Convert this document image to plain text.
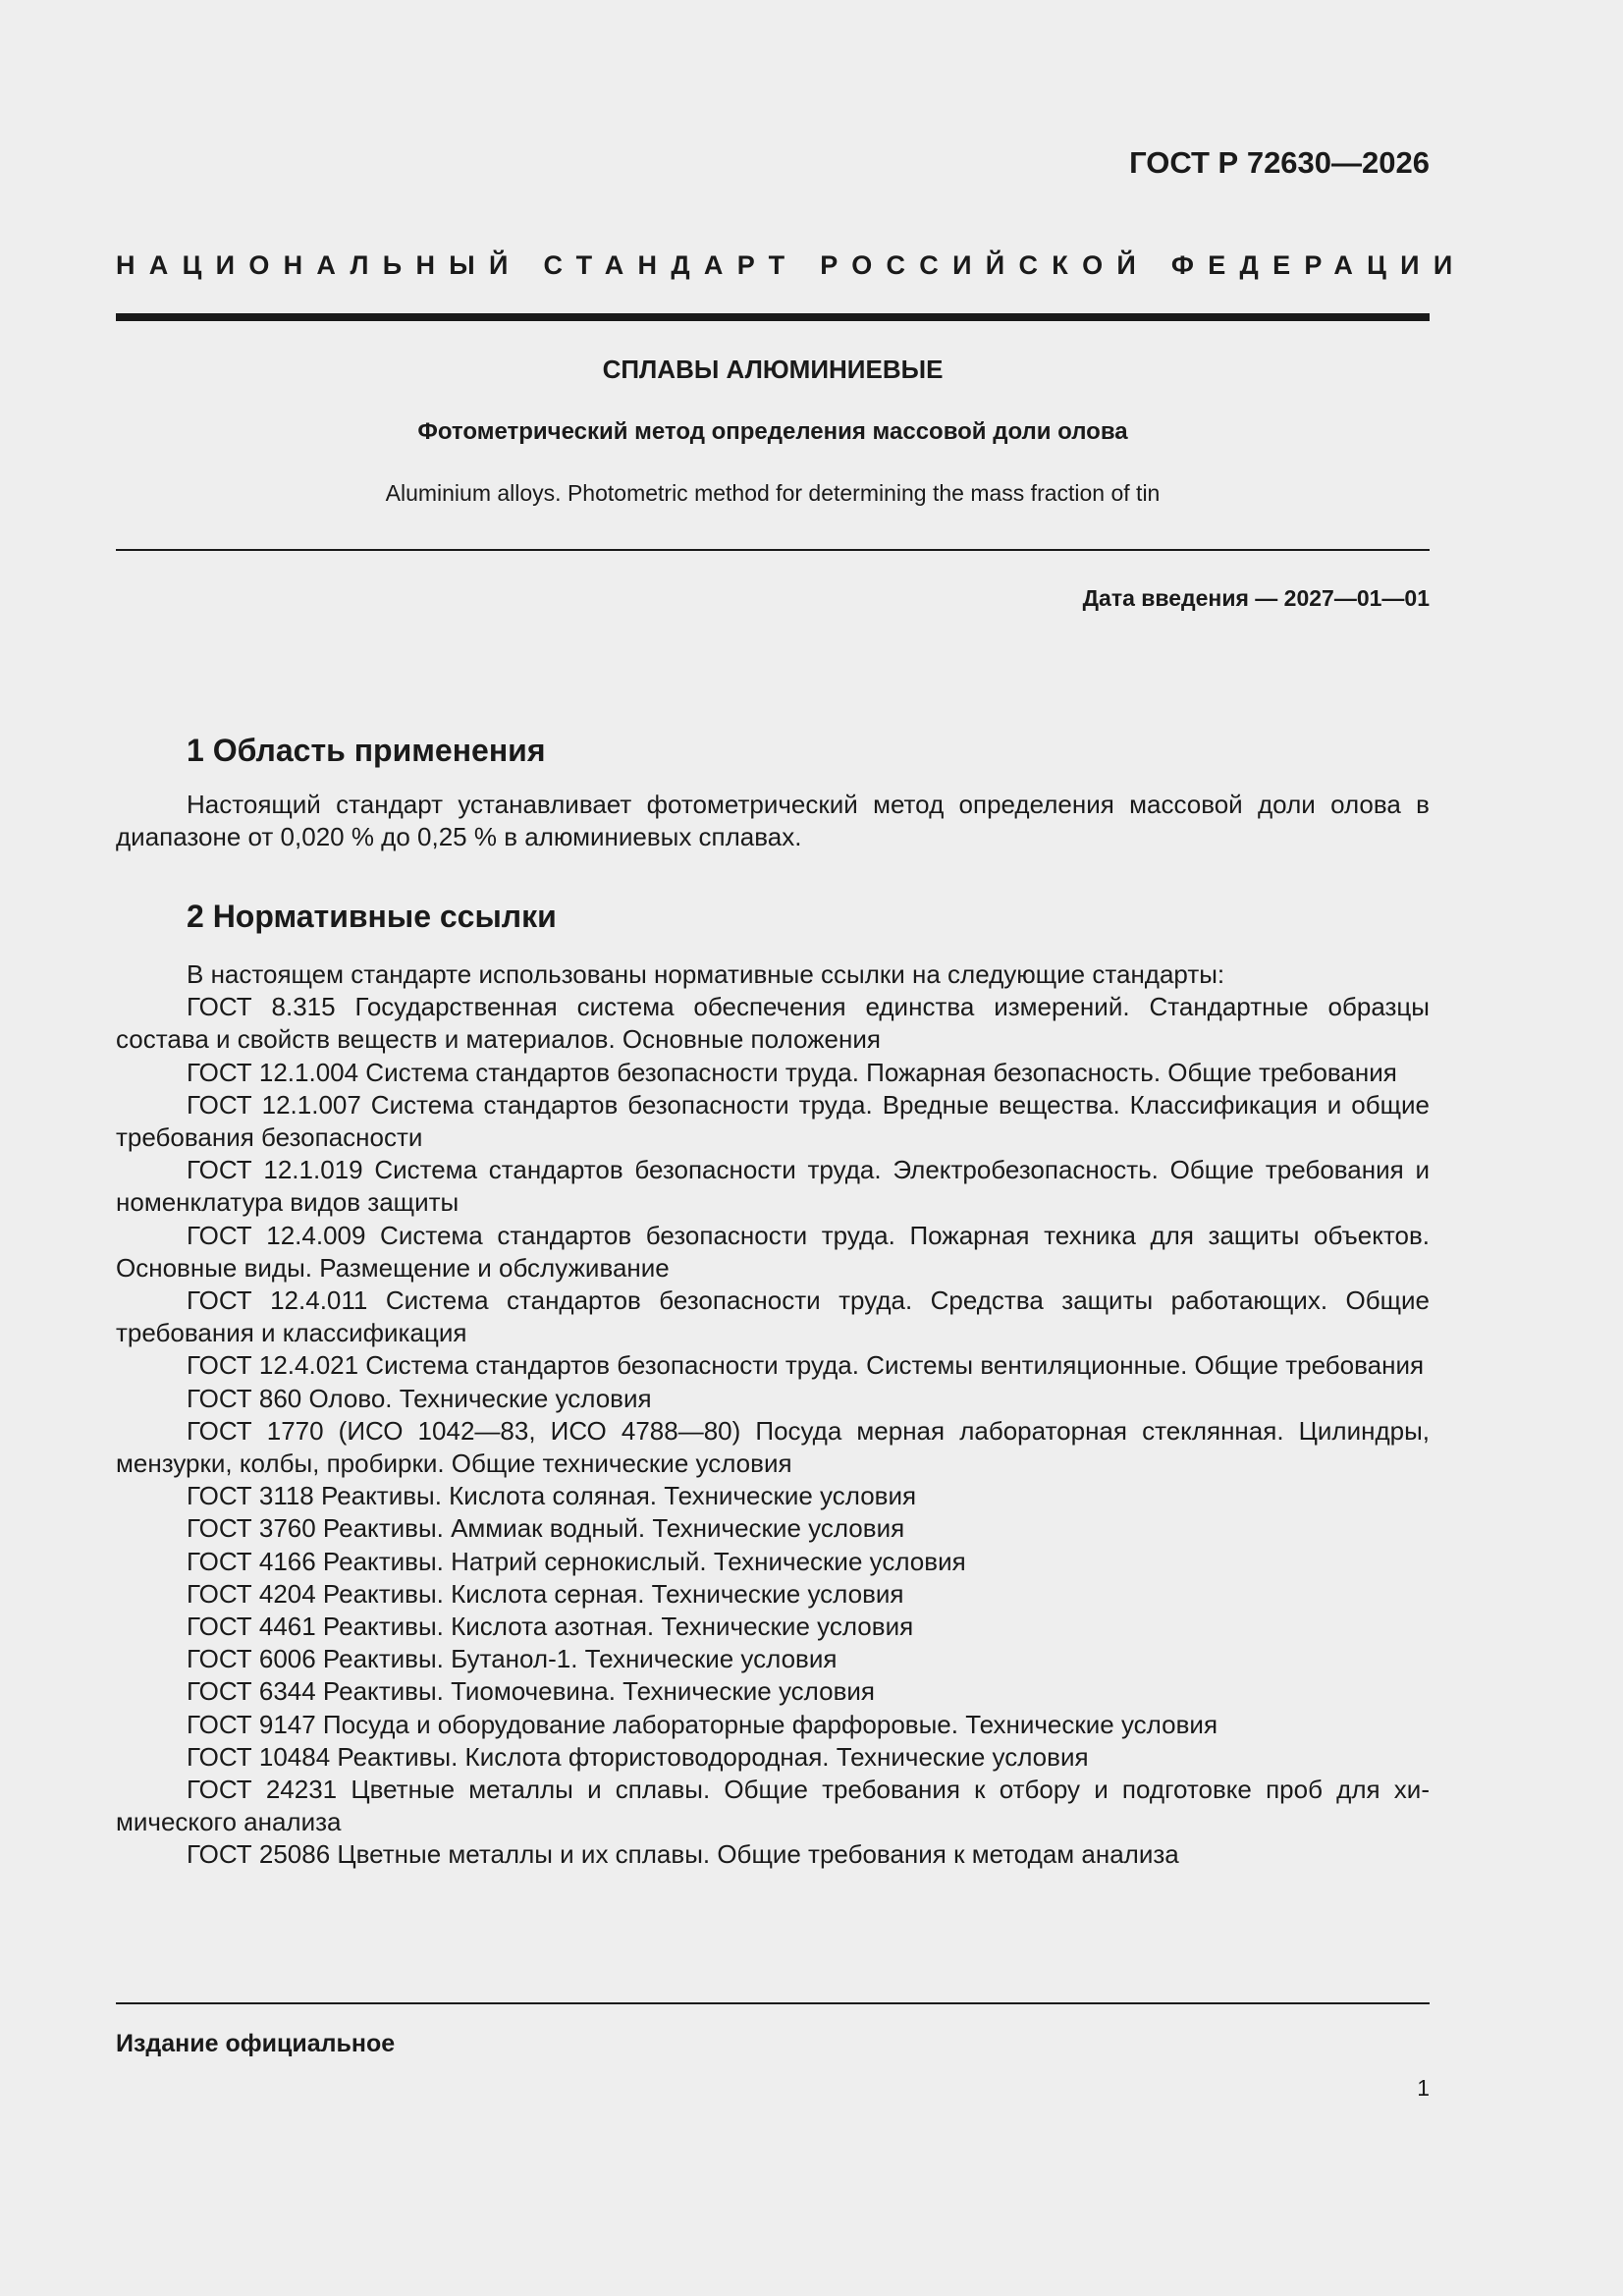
ГОСТ Р 72630—2026
НАЦИОНАЛЬНЫЙ СТАНДАРТ РОССИЙСКОЙ ФЕДЕРАЦИИ
СПЛАВЫ АЛЮМИНИЕВЫЕ
Фотометрический метод определения массовой доли олова
Aluminium alloys. Photometric method for determining the mass fraction of tin
Дата введения — 2027—01—01
1 Область применения

Настоящий стандарт устанавливает фотометрический метод определения массовой доли олова в диапазоне от 0,020 % до 0,25 % в алюминиевых сплавах.

2 Нормативные ссылки

В настоящем стандарте использованы нормативные ссылки на следующие стандарты:

ГОСТ 8.315 Государственная система обеспечения единства измерений. Стандартные образцы состава и свойств веществ и материалов. Основные положения

ГОСТ 12.1.004 Система стандартов безопасности труда. Пожарная безопасность. Общие требования

ГОСТ 12.1.007 Система стандартов безопасности труда. Вредные вещества. Классификация и общие требования безопасности

ГОСТ 12.1.019 Система стандартов безопасности труда. Электробезопасность. Общие требования и номенклатура видов защиты

ГОСТ 12.4.009 Система стандартов безопасности труда. Пожарная техника для защиты объектов. Основные виды. Размещение и обслуживание

ГОСТ 12.4.011 Система стандартов безопасности труда. Средства защиты работающих. Общие требования и классификация

ГОСТ 12.4.021 Система стандартов безопасности труда. Системы вентиляционные. Общие требования

ГОСТ 860 Олово. Технические условия

ГОСТ 1770 (ИСО 1042—83, ИСО 4788—80) Посуда мерная лабораторная стеклянная. Цилиндры, мензурки, колбы, пробирки. Общие технические условия

ГОСТ 3118 Реактивы. Кислота соляная. Технические условия

ГОСТ 3760 Реактивы. Аммиак водный. Технические условия

ГОСТ 4166 Реактивы. Натрий сернокислый. Технические условия

ГОСТ 4204 Реактивы. Кислота серная. Технические условия

ГОСТ 4461 Реактивы. Кислота азотная. Технические условия

ГОСТ 6006 Реактивы. Бутанол-1. Технические условия

ГОСТ 6344 Реактивы. Тиомочевина. Технические условия

ГОСТ 9147 Посуда и оборудование лабораторные фарфоровые. Технические условия

ГОСТ 10484 Реактивы. Кислота фтористоводородная. Технические условия

ГОСТ 24231 Цветные металлы и сплавы. Общие требования к отбору и подготовке проб для химического анализа

ГОСТ 25086 Цветные металлы и их сплавы. Общие требования к методам анализа

Издание официальное
1
